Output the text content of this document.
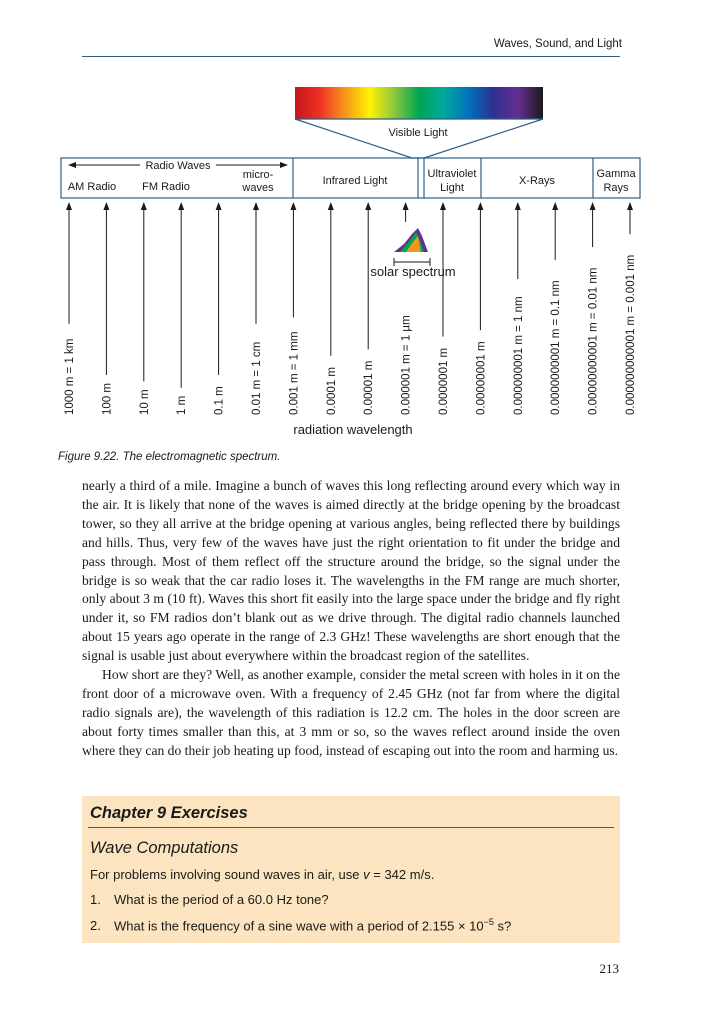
Waves, Sound, and Light
Visible Light
Radio Waves
AM Radio FM Radio
micro-
waves
Infrared Light
Ultraviolet
Light
X-Rays
Gamma
Rays
solar spectrum
1000 m = 1 km 100 m 10 m 1 m 0.1 m 0.01 m = 1 cm 0.001 m = 1 mm 0.0001 m 0.00001 m 0.000001 m = 1 µm 0.0000001 m 0.00000001 m 0.000000001 m = 1 nm 0.0000000001 m = 0.1 nm 0.00000000001 m = 0.01 nm 0.000000000001 m = 0.001 nm
radiation wavelength
Figure 9.22. The electromagnetic spectrum.

nearly a third of a mile. Imagine a bunch of waves this long reflecting around every which way in the air. It is likely that none of the waves is aimed directly at the bridge opening by the broadcast tower, so they all arrive at the bridge opening at various angles, being reflected there by buildings and hills. Thus, very few of the waves have just the right orientation to fit under the bridge and pass through. Most of them reflect off the structure around the bridge, so the signal under the bridge is so weak that the car radio loses it. The wavelengths in the FM range are much shorter, only about 3 m (10 ft). Waves this short fit easily into the large space under the bridge and fly right under it, so FM radios don’t blank out as we drive through. The digital radio channels launched about 15 years ago operate in the range of 2.3 GHz! These wavelengths are short enough that the signal is usable just about everywhere within the broadcast region of the satellites.

How short are they? Well, as another example, consider the metal screen with holes in it on the front door of a microwave oven. With a frequency of 2.45 GHz (not far from where the digital radio signals are), the wavelength of this radiation is 12.2 cm. The holes in the door screen are about forty times smaller than this, at 3 mm or so, so the waves reflect around inside the oven where they can do their job heating up food, instead of escaping out into the room and harming us.

Chapter 9 Exercises
Wave Computations
For problems involving sound waves in air, use v = 342 m/s.
1. What is the period of a 60.0 Hz tone?
2. What is the frequency of a sine wave with a period of $2.155 \times 10^{-5}$ s?
213
